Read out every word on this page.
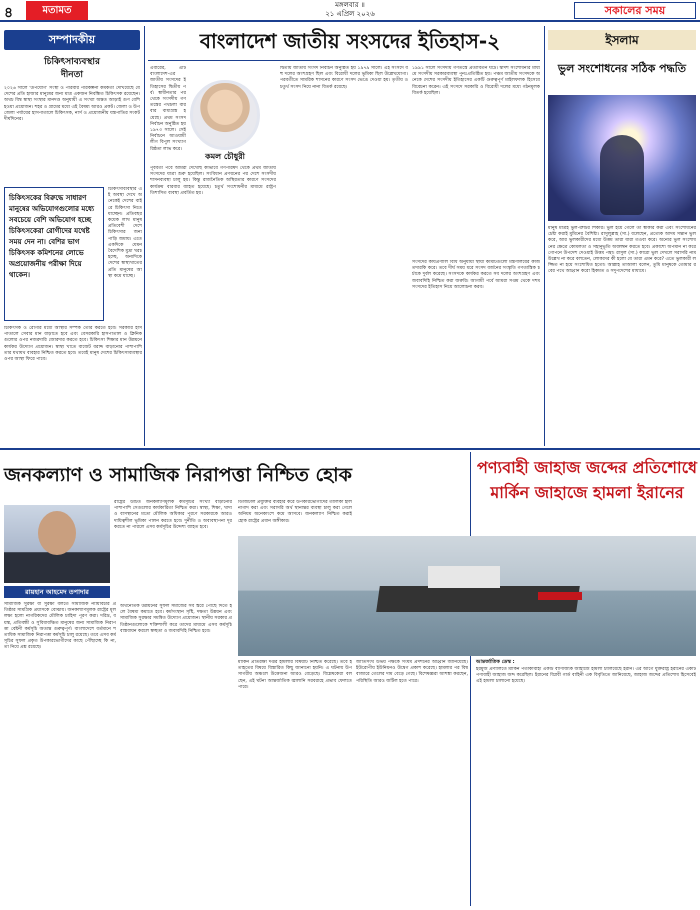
৪	মতামত	মঙ্গলবার ॥
২১ এপ্রিল ২০২৬	সকালের সময়
সম্পাদকীয়
চিকিৎসাব্যবস্থার
দীনতা
২০২৬ সালে 'উপযোগ' সংস্থা ও পরিবার পরিকল্পনা কর্মকর্তা দেখিয়েছে যে দেশের প্রতি হাজার মানুষের জন্য মাত্র একজন নিবন্ধিত চিকিৎসক রয়েছেন। অথচ বিশ্ব স্বাস্থ্য সংস্থার মানদণ্ড অনুযায়ী এ সংখ্যা অন্তত আড়াই গুণ বেশি হওয়া প্রয়োজন। শহর ও গ্রামের মধ্যে এই বৈষম্য আরও প্রকট। জেলা ও উপজেলা পর্যায়ের হাসপাতালে চিকিৎসক, নার্স ও প্রয়োজনীয় যন্ত্রপাতির সংকট দীর্ঘদিনের।
চিকিৎসকের বিরুদ্ধে সাধারণ মানুষের অভিযোগগুলোর মধ্যে সবচেয়ে বেশি অভিযোগ হচ্ছে চিকিৎসকেরা রোগীদের যথেষ্ট সময় দেন না। বেশির ভাগ চিকিৎসক কমিশনের লোভে অপ্রয়োজনীয় পরীক্ষা দিয়ে থাকেন।
চিকিৎসাব্যবস্থার এই অবস্থা দেখে অনেকেই দেশের বাইরে চিকিৎসা নিতে যাচ্ছেন। প্রতিবছর কয়েক লাখ মানুষ প্রতিবেশী দেশে চিকিৎসার জন্য পাড়ি জমায়। এতে একদিকে যেমন বৈদেশিক মুদ্রা খরচ হচ্ছে, অন্যদিকে দেশের স্বাস্থ্যখাতের প্রতি মানুষের আস্থা কমে যাচ্ছে।
চিকিৎসক ও রোগীর মধ্যে আস্থার সম্পর্ক তৈরি করতে হবে। সরকারি হাসপাতালে সেবার মান বাড়াতে হবে এবং বেসরকারি হাসপাতাল ও ক্লিনিকগুলোর ওপর নজরদারি জোরদার করতে হবে। চিকিৎসা শিক্ষার মান উন্নয়নে কার্যকর উদ্যোগ প্রয়োজন। স্বাস্থ্য খাতে বাজেট বরাদ্দ বাড়ানোর পাশাপাশি তার যথাযথ ব্যবহার নিশ্চিত করতে হবে। তবেই মানুষ দেশের চিকিৎসাব্যবস্থার ওপর আস্থা ফিরে পাবে।
বাংলাদেশ জাতীয় সংসদের ইতিহাস-২
কমল চৌধুরী
এবারের, এটি বাংলাদেশ-এর জাতীয় সংসদের ইতিহাসের দ্বিতীয় পর্ব। স্বাধীনতার পর থেকে সংসদীয় গণতন্ত্রের পথচলা বারবার বাধাগ্রস্ত হয়েছে। প্রথম সংসদ নির্বাচন অনুষ্ঠিত হয় ১৯৭৩ সালে। সেই নির্বাচনে আওয়ামী লীগ বিপুল সংখ্যাগরিষ্ঠতা লাভ করে।
পূর্ববর্তী পর্বে আমরা দেখেছি কীভাবে গণপরিষদ থেকে প্রথম জাতীয় সংসদের যাত্রা শুরু হয়েছিল। সংবিধান প্রণয়নের পর দেশে সংসদীয় শাসনব্যবস্থা চালু হয়। কিন্তু রাজনৈতিক অস্থিরতার কারণে সংসদের কার্যক্রম বারবার ব্যাহত হয়েছে। চতুর্থ সংশোধনীর মাধ্যমে রাষ্ট্রপতিশাসিত ব্যবস্থা প্রবর্তিত হয়।
দ্বিতীয় জাতীয় সংসদ নির্বাচন অনুষ্ঠিত হয় ১৯৭৯ সালে। এই সংসদে বহু দলের অংশগ্রহণ ছিল এবং বিরোধী দলের ভূমিকা ছিল উল্লেখযোগ্য। পরবর্তীতে সামরিক শাসনের কারণে সংসদ ভেঙে দেওয়া হয়। তৃতীয় ও চতুর্থ সংসদ নিয়ে নানা বিতর্ক রয়েছে।
১৯৯১ সালে সংসদীয় গণতন্ত্রে প্রত্যাবর্তন ঘটে। দ্বাদশ সংশোধনীর মাধ্যমে সংসদীয় সরকারব্যবস্থা পুনঃপ্রতিষ্ঠিত হয়। পঞ্চম জাতীয় সংসদকে অনেকে দেশের সংসদীয় ইতিহাসের একটি গুরুত্বপূর্ণ মাইলফলক হিসেবে বিবেচনা করেন। এই সংসদে সরকারি ও বিরোধী দলের মধ্যে গঠনমূলক বিতর্ক হয়েছিল।
সংসদের কার্যপ্রণালি বিধি অনুযায়ী স্থায়ী কমিটিগুলো মন্ত্রণালয়ের কাজ তদারকি করে। তবে দীর্ঘ সময় ধরে সংসদ বর্জনের সংস্কৃতি গণতান্ত্রিক চর্চাকে দুর্বল করেছে। সংসদকে কার্যকর করতে সব দলের অংশগ্রহণ এবং জবাবদিহি নিশ্চিত করা জরুরি। আগামী পর্বে আমরা সপ্তম থেকে দশম সংসদের ইতিহাস নিয়ে আলোচনা করব।
ইসলাম
ভুল সংশোধনের সঠিক পদ্ধতি
মানুষ মাত্রই ভুল-ত্রুটির শিকার। ভুল হয়ে গেলে তা স্বীকার করা এবং সংশোধনের চেষ্টা করাই মুমিনের বৈশিষ্ট্য। রাসুলুল্লাহ (সা.) বলেছেন, প্রত্যেক আদম সন্তান ভুল করে, আর ভুলকারীদের মধ্যে উত্তম তারা যারা তওবা করে। অন্যের ভুল সংশোধনের ক্ষেত্রে কোমলতা ও সহানুভূতি অবলম্বন করতে হবে। প্রকাশ্যে অপমান না করে গোপনে উপদেশ দেওয়াই উত্তম পন্থা। রাসুল (সা.) কারো ভুল দেখলে সরাসরি নাম উল্লেখ না করে বলতেন, লোকদের কী হলো যে তারা এমন করে? এতে ভুলকারী লজ্জিত না হয়ে সংশোধিত হতো। আল্লাহ তাআলা বলেন, তুমি মানুষকে তোমার রবের পথে আহ্বান করো হিকমত ও সদুপদেশের মাধ্যমে।
জনকল্যাণ ও সামাজিক নিরাপত্তা নিশ্চিত হোক
রায়হান আহমেদ তপাদার
রাষ্ট্রের উচিত জনকল্যাণমূলক কর্মসূচির সংখ্যা বাড়ানোর পাশাপাশি সেগুলোর কার্যকারিতা নিশ্চিত করা। স্বাস্থ্য, শিক্ষা, খাদ্য ও বাসস্থানের মতো মৌলিক অধিকার পূরণে সরকারকে আরও দায়িত্বশীল ভূমিকা পালন করতে হবে। দুর্নীতি ও অব্যবস্থাপনা দূর করতে না পারলে এসব কর্মসূচির উদ্দেশ্য ব্যাহত হবে।
সামাজিক সুরক্ষা বা সুরক্ষা বলতে সামাজিক ন্যায়বিচার প্রতিষ্ঠার সামগ্রিক প্রয়াসকে বোঝায়। জনকল্যাণমূলক রাষ্ট্রের মূল লক্ষ্য হলো নাগরিকদের মৌলিক চাহিদা পূরণ করা। দরিদ্র, বয়স্ক, প্রতিবন্ধী ও সুবিধাবঞ্চিত মানুষের জন্য সামাজিক নিরাপত্তা বেষ্টনী কর্মসূচি অত্যন্ত গুরুত্বপূর্ণ। বাংলাদেশে বর্তমানে শতাধিক সামাজিক নিরাপত্তা কর্মসূচি চালু রয়েছে। তবে এসব কর্মসূচির সুফল প্রকৃত উপকারভোগীদের কাছে পৌঁছাচ্ছে কি না, তা নিয়ে প্রশ্ন রয়েছে।
অর্থনৈতিক উন্নয়নের সুফল সমাজের সব স্তরে পৌঁছে দিতে হলে বৈষম্য কমাতে হবে। কর্মসংস্থান সৃষ্টি, দক্ষতা উন্নয়ন এবং সামাজিক সুরক্ষার সমন্বিত উদ্যোগ প্রয়োজন। স্থানীয় সরকার প্রতিষ্ঠানগুলোকে শক্তিশালী করে তাদের মাধ্যমে এসব কর্মসূচি বাস্তবায়ন করলে স্বচ্ছতা ও জবাবদিহি নিশ্চিত হবে।
ডিজিটাল প্রযুক্তির ব্যবহার করে উপকারভোগীদের তালিকা হালনাগাদ করা এবং সরাসরি অর্থ স্থানান্তর ব্যবস্থা চালু করা গেলে অনিয়ম অনেকাংশে কমে আসবে। জনকল্যাণ নিশ্চিত করাই হোক রাষ্ট্রের প্রধান অঙ্গীকার।
পণ্যবাহী জাহাজ জব্দের প্রতিশোধে মার্কিন জাহাজে হামলা ইরানের
মার্কিন প্রতিরক্ষা দপ্তর হামলার বিষয়টি নিশ্চিত করেছে। তবে হতাহতের বিষয়ে বিস্তারিত কিছু জানানো হয়নি। এ ঘটনায় উপসাগরীয় অঞ্চলে উত্তেজনা আরও বেড়েছে। বিশ্লেষকেরা বলছেন, এই ঘটনা আন্তর্জাতিক জ্বালানি সরবরাহে প্রভাব ফেলতে পারে।
জাতিসংঘ উভয় পক্ষকে সংযম প্রদর্শনের আহ্বান জানিয়েছে। ইউরোপীয় ইউনিয়নও উদ্বেগ প্রকাশ করেছে। হামলার পর বিশ্ববাজারে তেলের দাম বেড়ে গেছে। বিশেষজ্ঞরা আশঙ্কা করছেন, পরিস্থিতি আরও জটিল হতে পারে।
আন্তর্জাতিক ডেস্ক :
হরমুজ প্রণালিতে মার্কিন পতাকাবাহী একটি বাণিজ্যিক জাহাজে হামলা চালিয়েছে ইরান। এর আগে যুক্তরাষ্ট্র ইরানের একটি পণ্যবাহী জাহাজ জব্দ করেছিল। ইরানের বিপ্লবী গার্ড বাহিনী এক বিবৃতিতে জানিয়েছে, জাহাজ জব্দের প্রতিশোধ হিসেবেই এই হামলা চালানো হয়েছে।
